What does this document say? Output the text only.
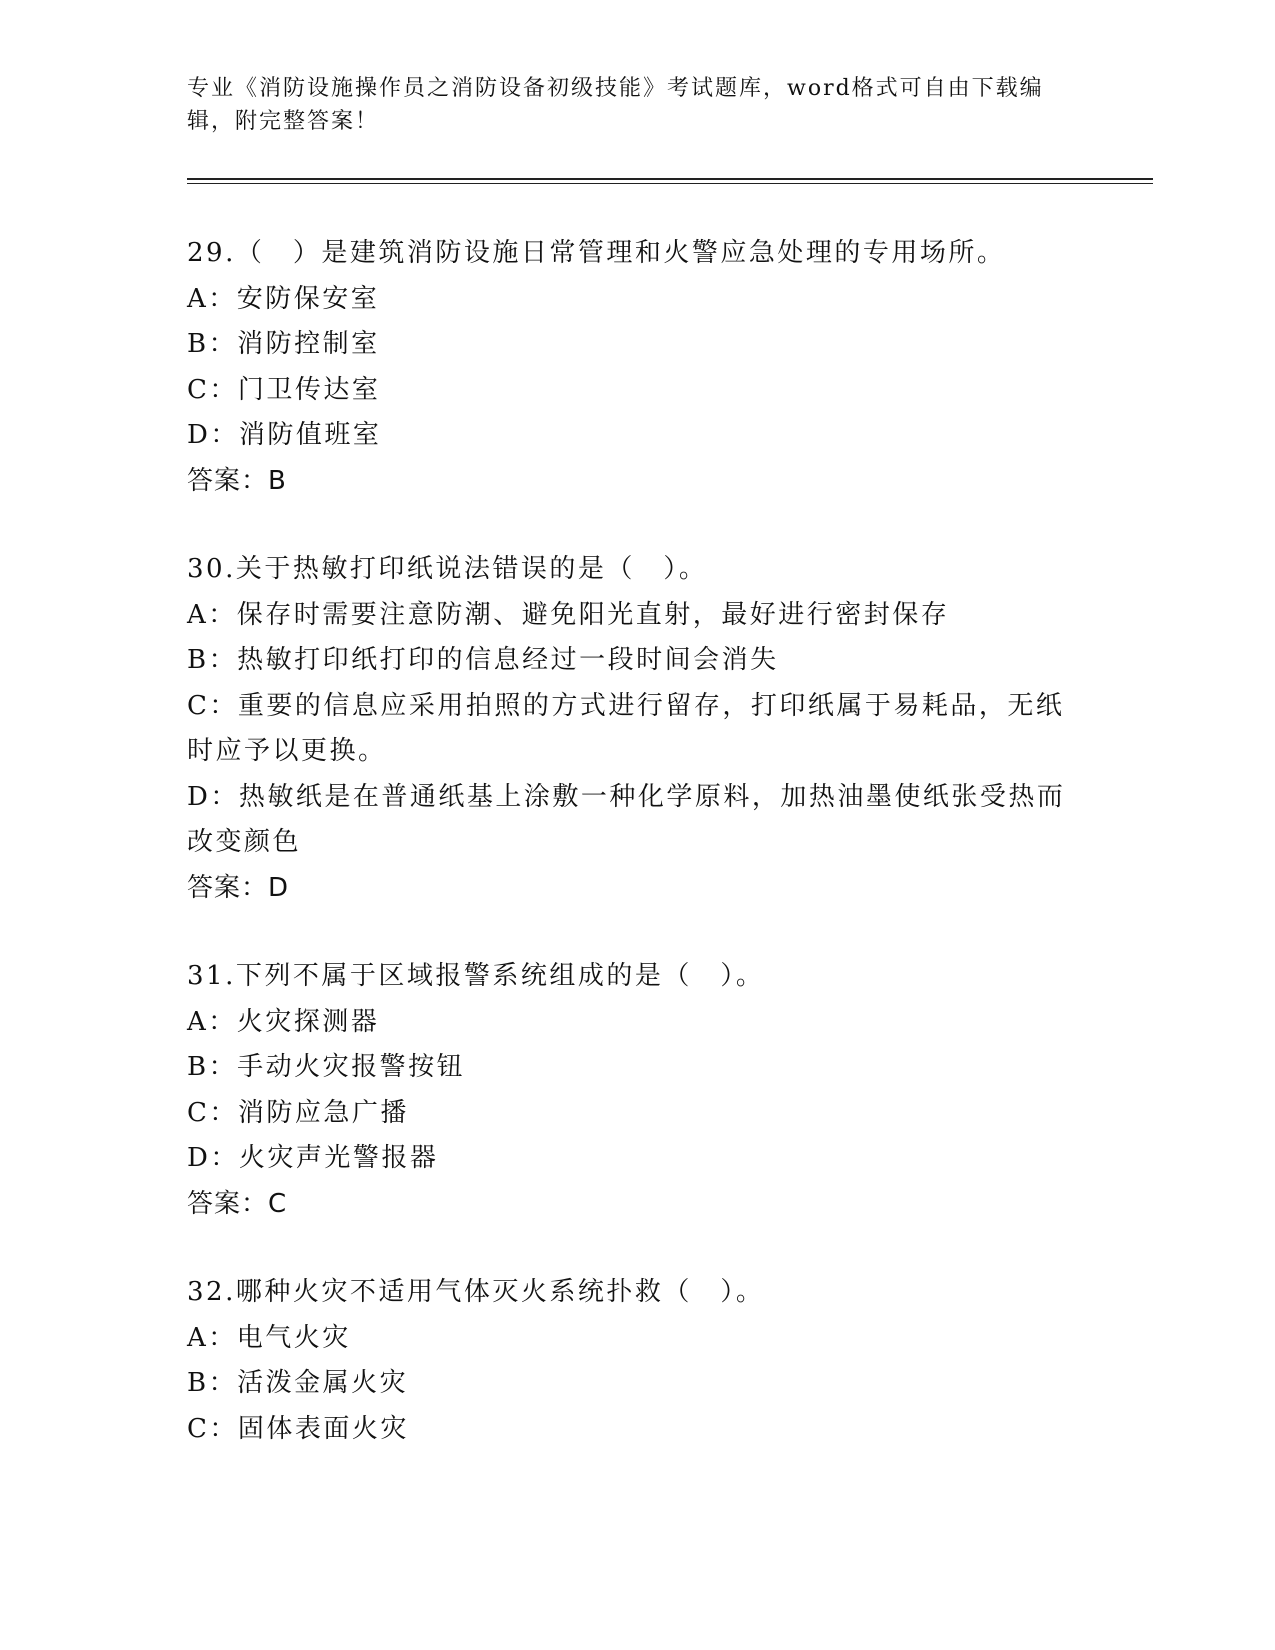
专业《消防设施操作员之消防设备初级技能》考试题库，word格式可自由下载编辑，附完整答案！
29.（　）是建筑消防设施日常管理和火警应急处理的专用场所。
A：安防保安室
B：消防控制室
C：门卫传达室
D：消防值班室
答案：B
30.关于热敏打印纸说法错误的是（　）。
A：保存时需要注意防潮、避免阳光直射，最好进行密封保存
B：热敏打印纸打印的信息经过一段时间会消失
C：重要的信息应采用拍照的方式进行留存，打印纸属于易耗品，无纸时应予以更换。
D：热敏纸是在普通纸基上涂敷一种化学原料，加热油墨使纸张受热而改变颜色
答案：D
31.下列不属于区域报警系统组成的是（　）。
A：火灾探测器
B：手动火灾报警按钮
C：消防应急广播
D：火灾声光警报器
答案：C
32.哪种火灾不适用气体灭火系统扑救（　）。
A：电气火灾
B：活泼金属火灾
C：固体表面火灾
